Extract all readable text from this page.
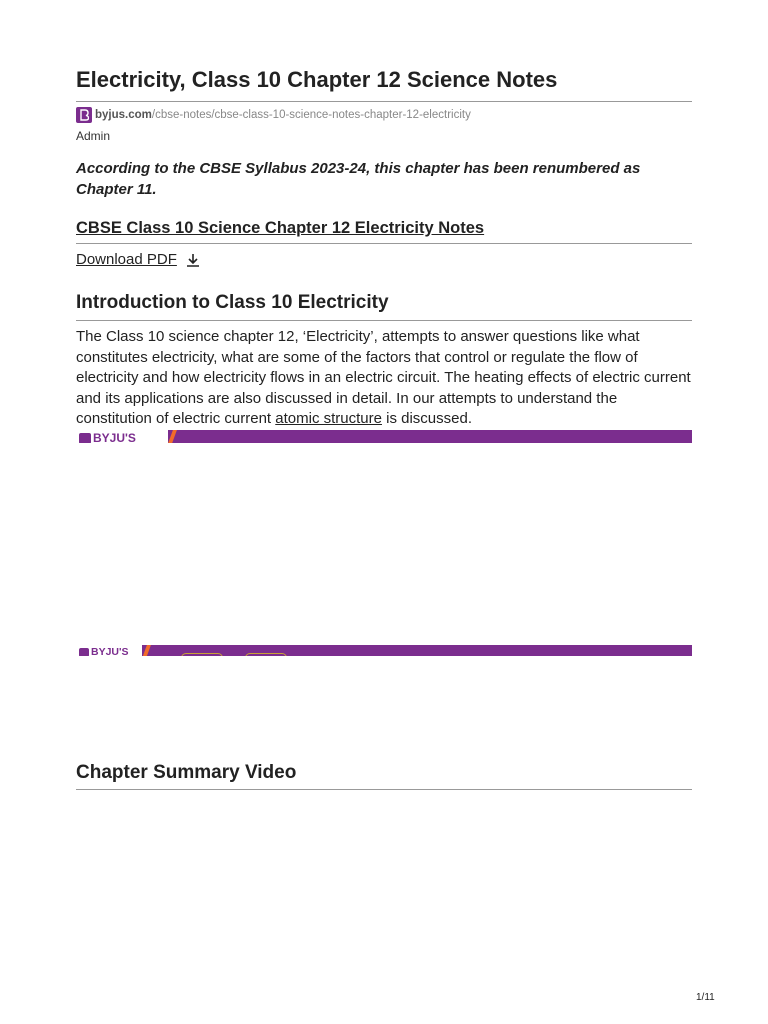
Electricity, Class 10 Chapter 12 Science Notes
byjus.com /cbse-notes/cbse-class-10-science-notes-chapter-12-electricity
Admin
According to the CBSE Syllabus 2023-24, this chapter has been renumbered as Chapter 11.
CBSE Class 10 Science Chapter 12 Electricity Notes
Download PDF
Introduction to Class 10 Electricity
The Class 10 science chapter 12, ‘Electricity’, attempts to answer questions like what constitutes electricity, what are some of the factors that control or regulate the flow of electricity and how electricity flows in an electric circuit. The heating effects of electric current and its applications are also discussed in detail. In our attempts to understand the constitution of electric current atomic structure is discussed.
BYJU'S
BYJU'S
Chapter Summary Video
1/11
